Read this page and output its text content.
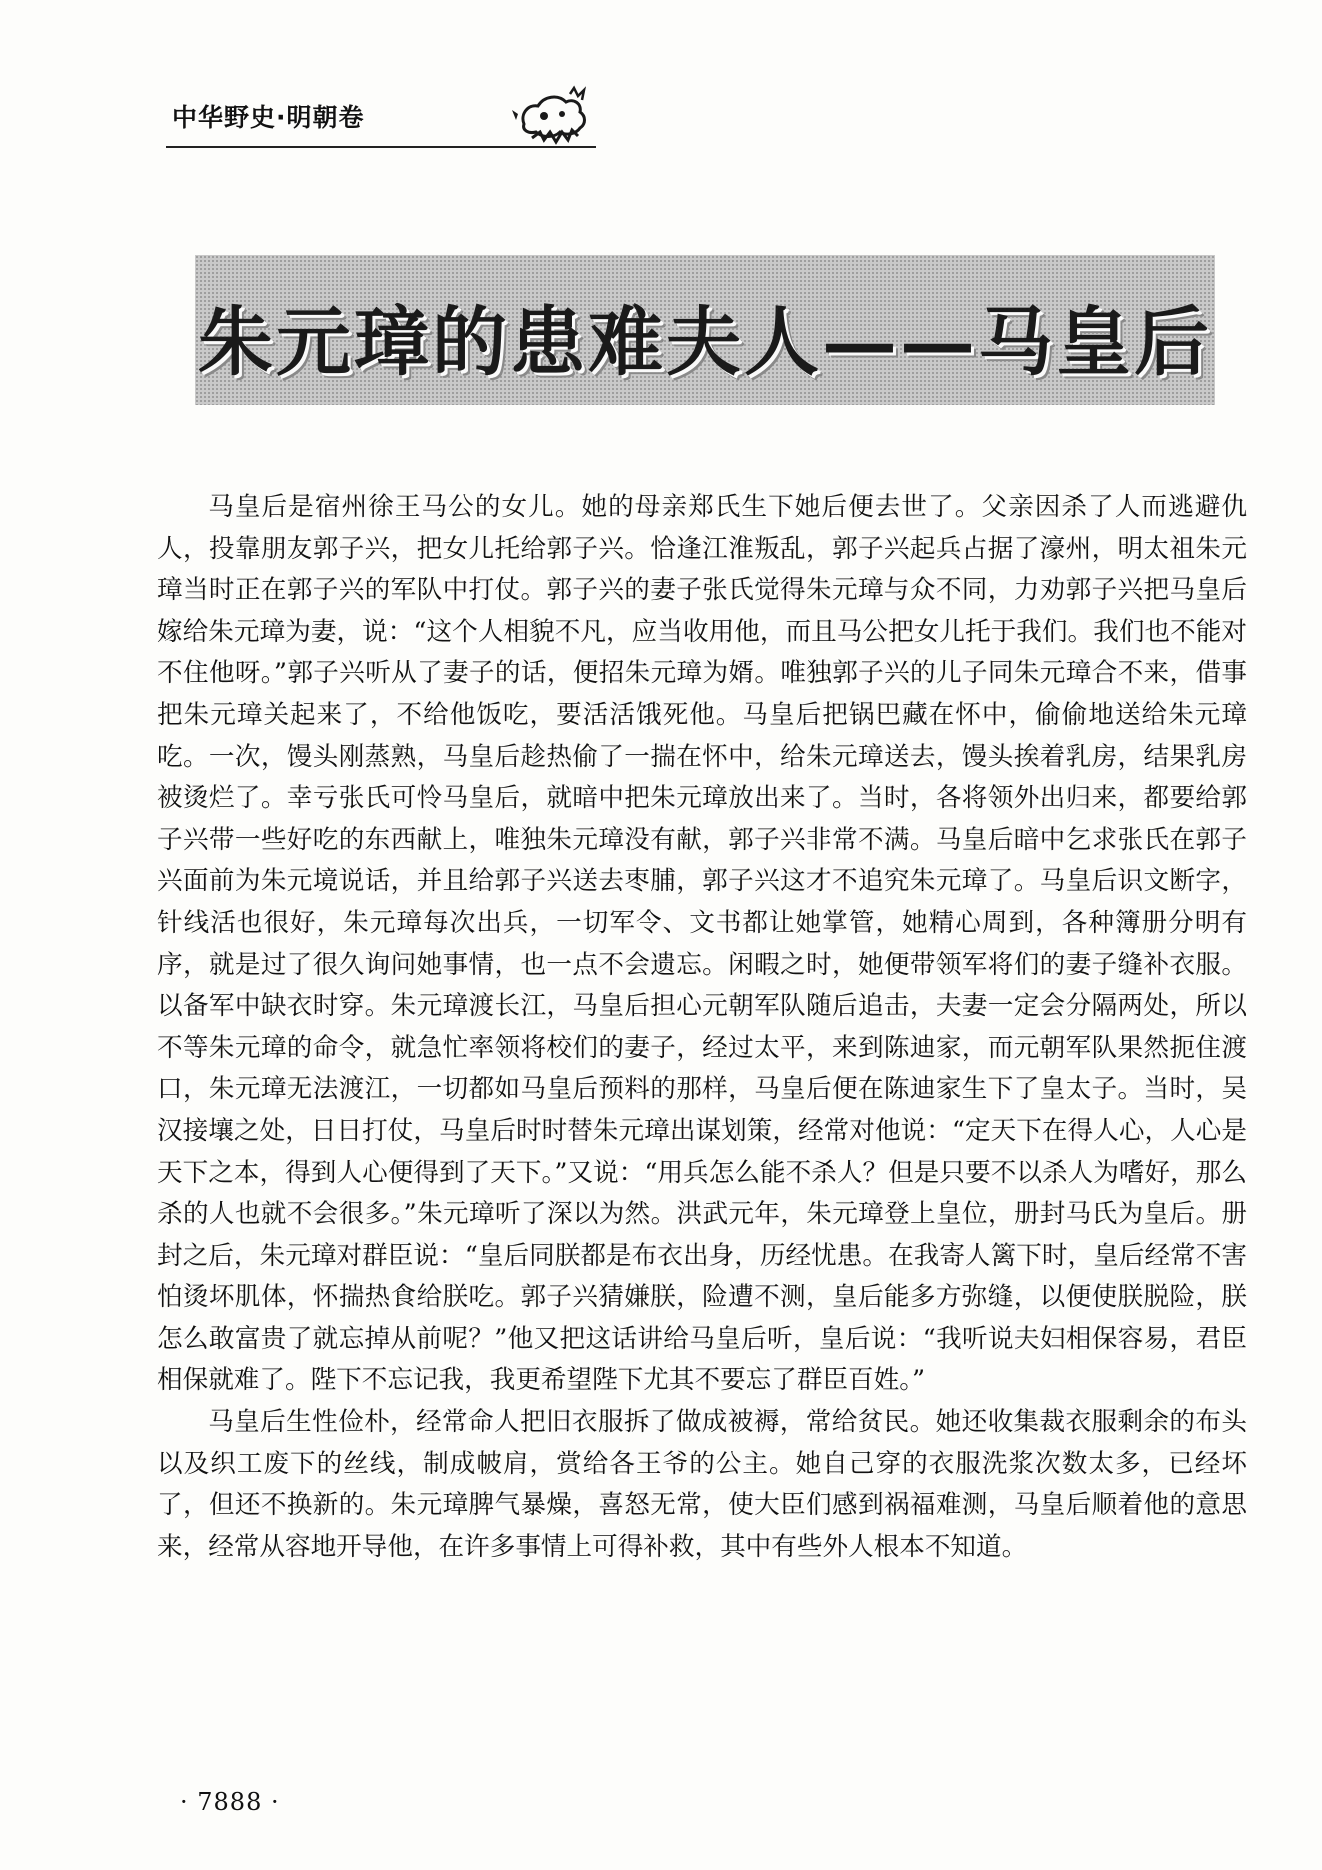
中华野史·明朝卷
朱元璋的患难夫人——马皇后

马皇后是宿州徐王马公的女儿。她的母亲郑氏生下她后便去世了。父亲因杀了人而逃避仇人，投靠朋友郭子兴，把女儿托给郭子兴。恰逢江淮叛乱，郭子兴起兵占据了濠州，明太祖朱元璋当时正在郭子兴的军队中打仗。郭子兴的妻子张氏觉得朱元璋与众不同，力劝郭子兴把马皇后嫁给朱元璋为妻，说：“这个人相貌不凡，应当收用他，而且马公把女儿托于我们。我们也不能对不住他呀。”郭子兴听从了妻子的话，便招朱元璋为婿。唯独郭子兴的儿子同朱元璋合不来，借事把朱元璋关起来了，不给他饭吃，要活活饿死他。马皇后把锅巴藏在怀中，偷偷地送给朱元璋吃。一次，馒头刚蒸熟，马皇后趁热偷了一揣在怀中，给朱元璋送去，馒头挨着乳房，结果乳房被烫烂了。幸亏张氏可怜马皇后，就暗中把朱元璋放出来了。当时，各将领外出归来，都要给郭子兴带一些好吃的东西献上，唯独朱元璋没有献，郭子兴非常不满。马皇后暗中乞求张氏在郭子兴面前为朱元境说话，并且给郭子兴送去枣脯，郭子兴这才不追究朱元璋了。马皇后识文断字，针线活也很好，朱元璋每次出兵，一切军令、文书都让她掌管，她精心周到，各种簿册分明有序，就是过了很久询问她事情，也一点不会遗忘。闲暇之时，她便带领军将们的妻子缝补衣服。以备军中缺衣时穿。朱元璋渡长江，马皇后担心元朝军队随后追击，夫妻一定会分隔两处，所以不等朱元璋的命令，就急忙率领将校们的妻子，经过太平，来到陈迪家，而元朝军队果然扼住渡口，朱元璋无法渡江，一切都如马皇后预料的那样，马皇后便在陈迪家生下了皇太子。当时，吴汉接壤之处，日日打仗，马皇后时时替朱元璋出谋划策，经常对他说：“定天下在得人心，人心是天下之本，得到人心便得到了天下。”又说：“用兵怎么能不杀人？但是只要不以杀人为嗜好，那么杀的人也就不会很多。”朱元璋听了深以为然。洪武元年，朱元璋登上皇位，册封马氏为皇后。册封之后，朱元璋对群臣说：“皇后同朕都是布衣出身，历经忧患。在我寄人篱下时，皇后经常不害怕烫坏肌体，怀揣热食给朕吃。郭子兴猜嫌朕，险遭不测，皇后能多方弥缝，以便使朕脱险，朕怎么敢富贵了就忘掉从前呢？”他又把这话讲给马皇后听，皇后说：“我听说夫妇相保容易，君臣相保就难了。陛下不忘记我，我更希望陛下尤其不要忘了群臣百姓。”

马皇后生性俭朴，经常命人把旧衣服拆了做成被褥，常给贫民。她还收集裁衣服剩余的布头以及织工废下的丝线，制成帔肩，赏给各王爷的公主。她自己穿的衣服洗浆次数太多，已经坏了，但还不换新的。朱元璋脾气暴燥，喜怒无常，使大臣们感到祸福难测，马皇后顺着他的意思来，经常从容地开导他，在许多事情上可得补救，其中有些外人根本不知道。

· 7888 ·
